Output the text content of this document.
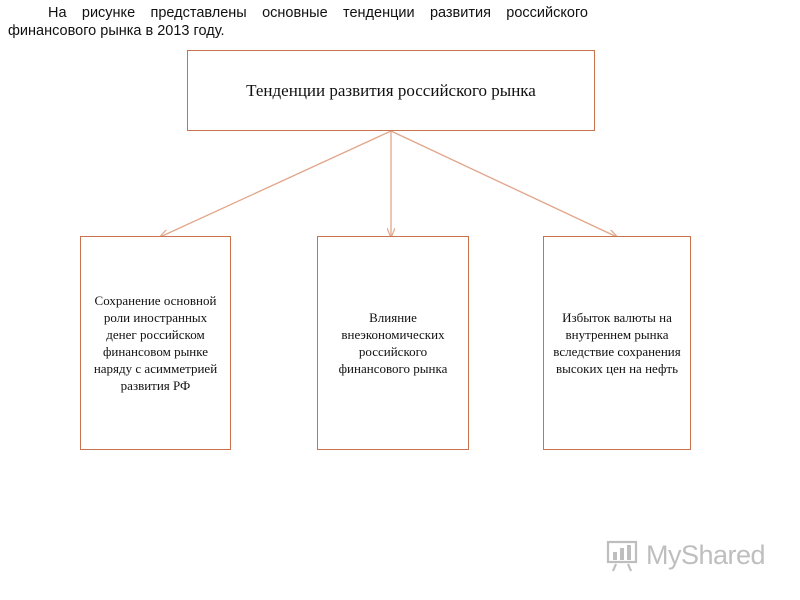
На рисунке представлены основные тенденции развития российского финансового рынка в 2013 году.
Тенденции развития российского рынка
Сохранение основной роли иностранных денег российском финансовом рынке наряду с асимметрией развития РФ
Влияние внеэкономических российского финансового рынка
Избыток валюты на внутреннем рынка вследствие сохранения высоких цен на нефть
MyShared
